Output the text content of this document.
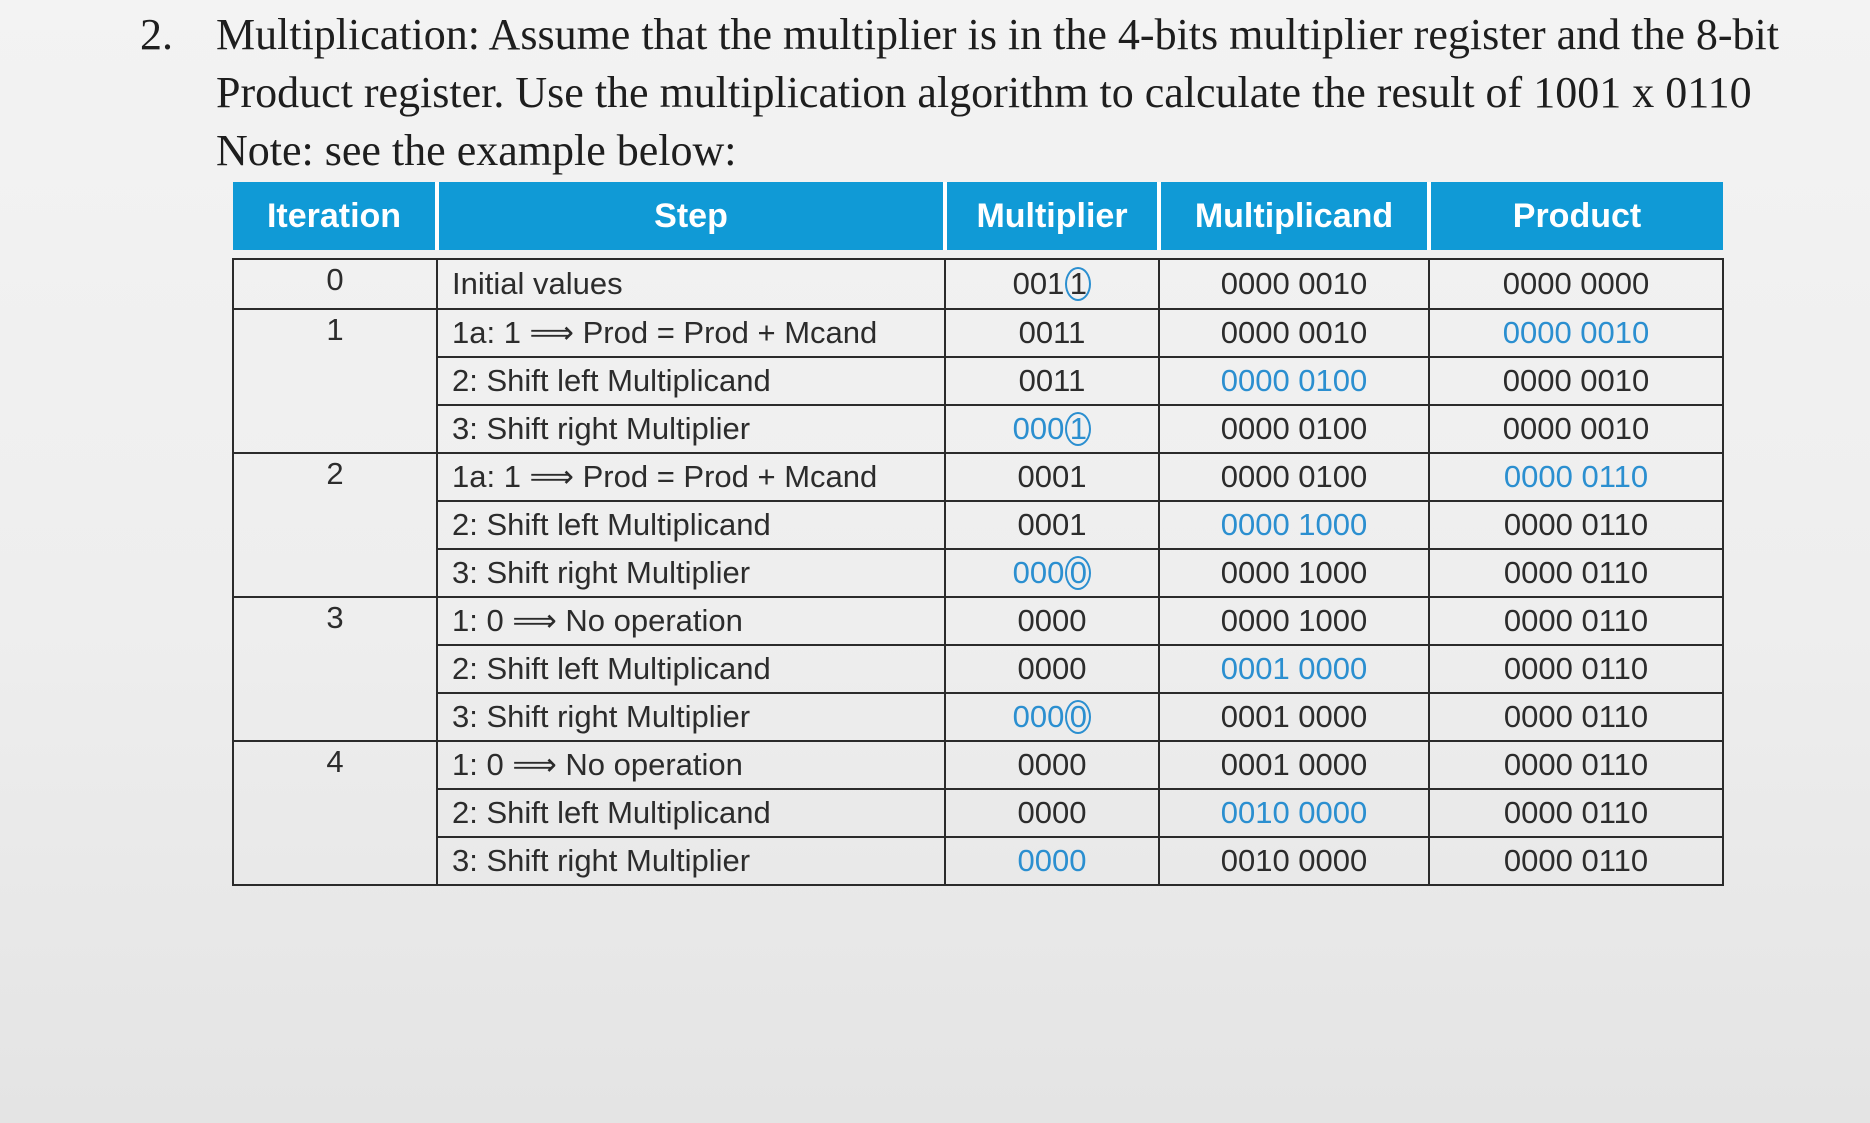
2. Multiplication: Assume that the multiplier is in the 4-bits multiplier register and the 8-bit
Product register. Use the multiplication algorithm to calculate the result of 1001 x 0110
Note: see the example below:
Iteration	Step	Multiplier	Multiplicand	Product

0	Initial values	001 1	0000 0010	0000 0000
1	1a: 1 ⟹ Prod = Prod + Mcand	0011	0000 0010	0000 0010
	2: Shift left Multiplicand	0011	0000 0100	0000 0010
	3: Shift right Multiplier	000 1	0000 0100	0000 0010
2	1a: 1 ⟹ Prod = Prod + Mcand	0001	0000 0100	0000 0110
	2: Shift left Multiplicand	0001	0000 1000	0000 0110
	3: Shift right Multiplier	000 0	0000 1000	0000 0110
3	1: 0 ⟹ No operation	0000	0000 1000	0000 0110
	2: Shift left Multiplicand	0000	0001 0000	0000 0110
	3: Shift right Multiplier	000 0	0001 0000	0000 0110
4	1: 0 ⟹ No operation	0000	0001 0000	0000 0110
	2: Shift left Multiplicand	0000	0010 0000	0000 0110
	3: Shift right Multiplier	0000	0010 0000	0000 0110
